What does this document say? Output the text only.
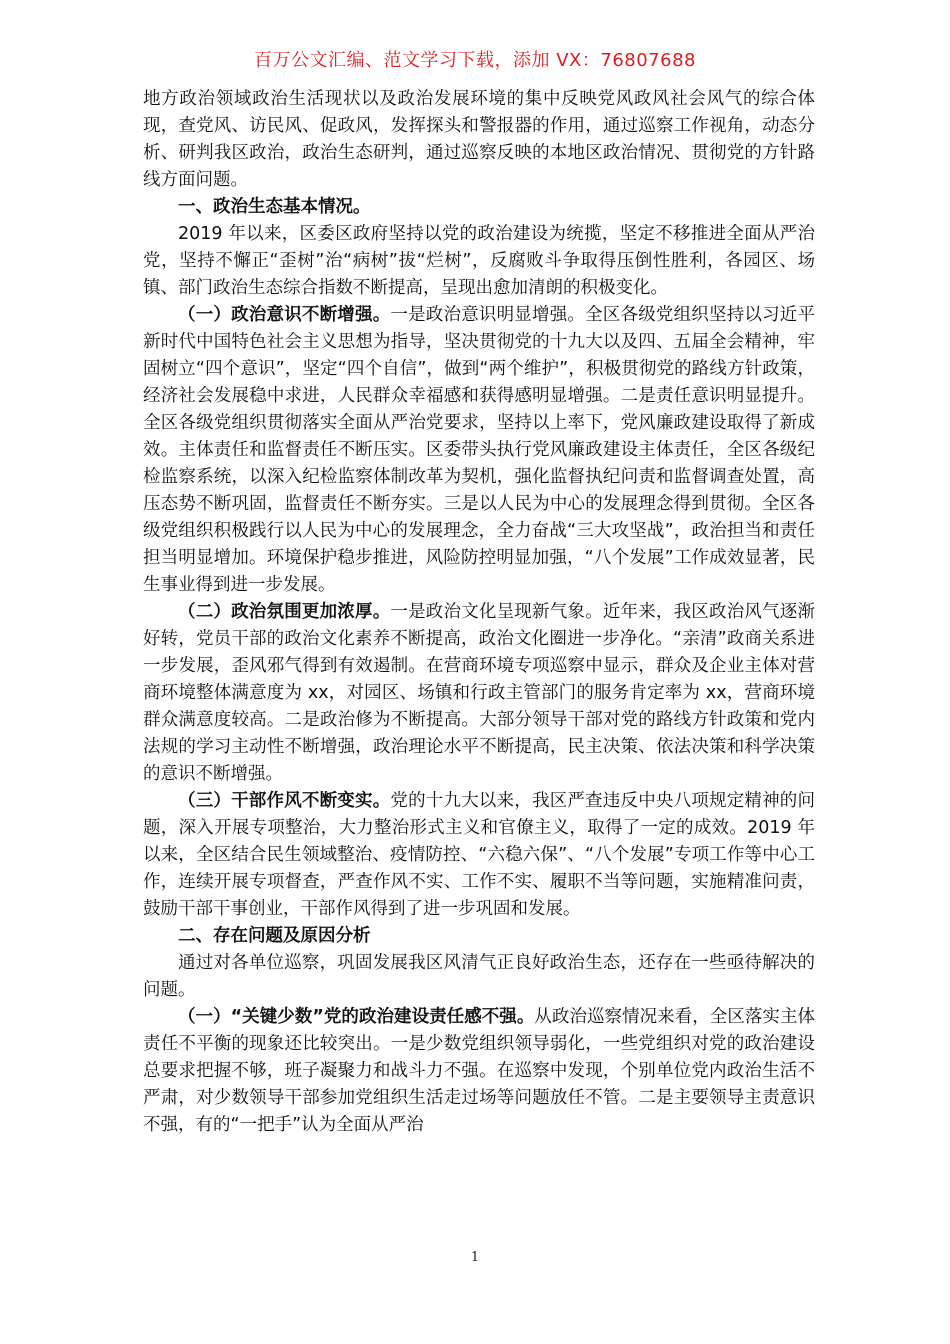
百万公文汇编、范文学习下载，添加 VX：76807688

地方政治领域政治生活现状以及政治发展环境的集中反映党风政风社会风气的综合体现，查党风、访民风、促政风，发挥探头和警报器的作用，通过巡察工作视角，动态分析、研判我区政治，政治生态研判，通过巡察反映的本地区政治情况、贯彻党的方针路线方面问题。

一、政治生态基本情况。

2019 年以来，区委区政府坚持以党的政治建设为统揽，坚定不移推进全面从严治党，坚持不懈正“歪树”治“病树”拔“烂树”，反腐败斗争取得压倒性胜利，各园区、场镇、部门政治生态综合指数不断提高，呈现出愈加清朗的积极变化。

（一）政治意识不断增强。一是政治意识明显增强。全区各级党组织坚持以习近平新时代中国特色社会主义思想为指导，坚决贯彻党的十九大以及四、五届全会精神，牢固树立“四个意识”，坚定“四个自信”，做到“两个维护”，积极贯彻党的路线方针政策，经济社会发展稳中求进，人民群众幸福感和获得感明显增强。二是责任意识明显提升。全区各级党组织贯彻落实全面从严治党要求，坚持以上率下，党风廉政建设取得了新成效。主体责任和监督责任不断压实。区委带头执行党风廉政建设主体责任，全区各级纪检监察系统，以深入纪检监察体制改革为契机，强化监督执纪问责和监督调查处置，高压态势不断巩固，监督责任不断夯实。三是以人民为中心的发展理念得到贯彻。全区各级党组织积极践行以人民为中心的发展理念，全力奋战“三大攻坚战”，政治担当和责任担当明显增加。环境保护稳步推进，风险防控明显加强，“八个发展”工作成效显著，民生事业得到进一步发展。

（二）政治氛围更加浓厚。一是政治文化呈现新气象。近年来，我区政治风气逐渐好转，党员干部的政治文化素养不断提高，政治文化圈进一步净化。“亲清”政商关系进一步发展，歪风邪气得到有效遏制。在营商环境专项巡察中显示，群众及企业主体对营商环境整体满意度为 xx，对园区、场镇和行政主管部门的服务肯定率为 xx，营商环境群众满意度较高。二是政治修为不断提高。大部分领导干部对党的路线方针政策和党内法规的学习主动性不断增强，政治理论水平不断提高，民主决策、依法决策和科学决策的意识不断增强。

（三）干部作风不断变实。党的十九大以来，我区严查违反中央八项规定精神的问题，深入开展专项整治，大力整治形式主义和官僚主义，取得了一定的成效。2019 年以来，全区结合民生领域整治、疫情防控、“六稳六保”、“八个发展”专项工作等中心工作，连续开展专项督查，严查作风不实、工作不实、履职不当等问题，实施精准问责，鼓励干部干事创业，干部作风得到了进一步巩固和发展。

二、存在问题及原因分析

通过对各单位巡察，巩固发展我区风清气正良好政治生态，还存在一些亟待解决的问题。

（一）“关键少数”党的政治建设责任感不强。从政治巡察情况来看，全区落实主体责任不平衡的现象还比较突出。一是少数党组织领导弱化，一些党组织对党的政治建设总要求把握不够，班子凝聚力和战斗力不强。在巡察中发现，个别单位党内政治生活不严肃，对少数领导干部参加党组织生活走过场等问题放任不管。二是主要领导主责意识不强，有的“一把手”认为全面从严治

1
